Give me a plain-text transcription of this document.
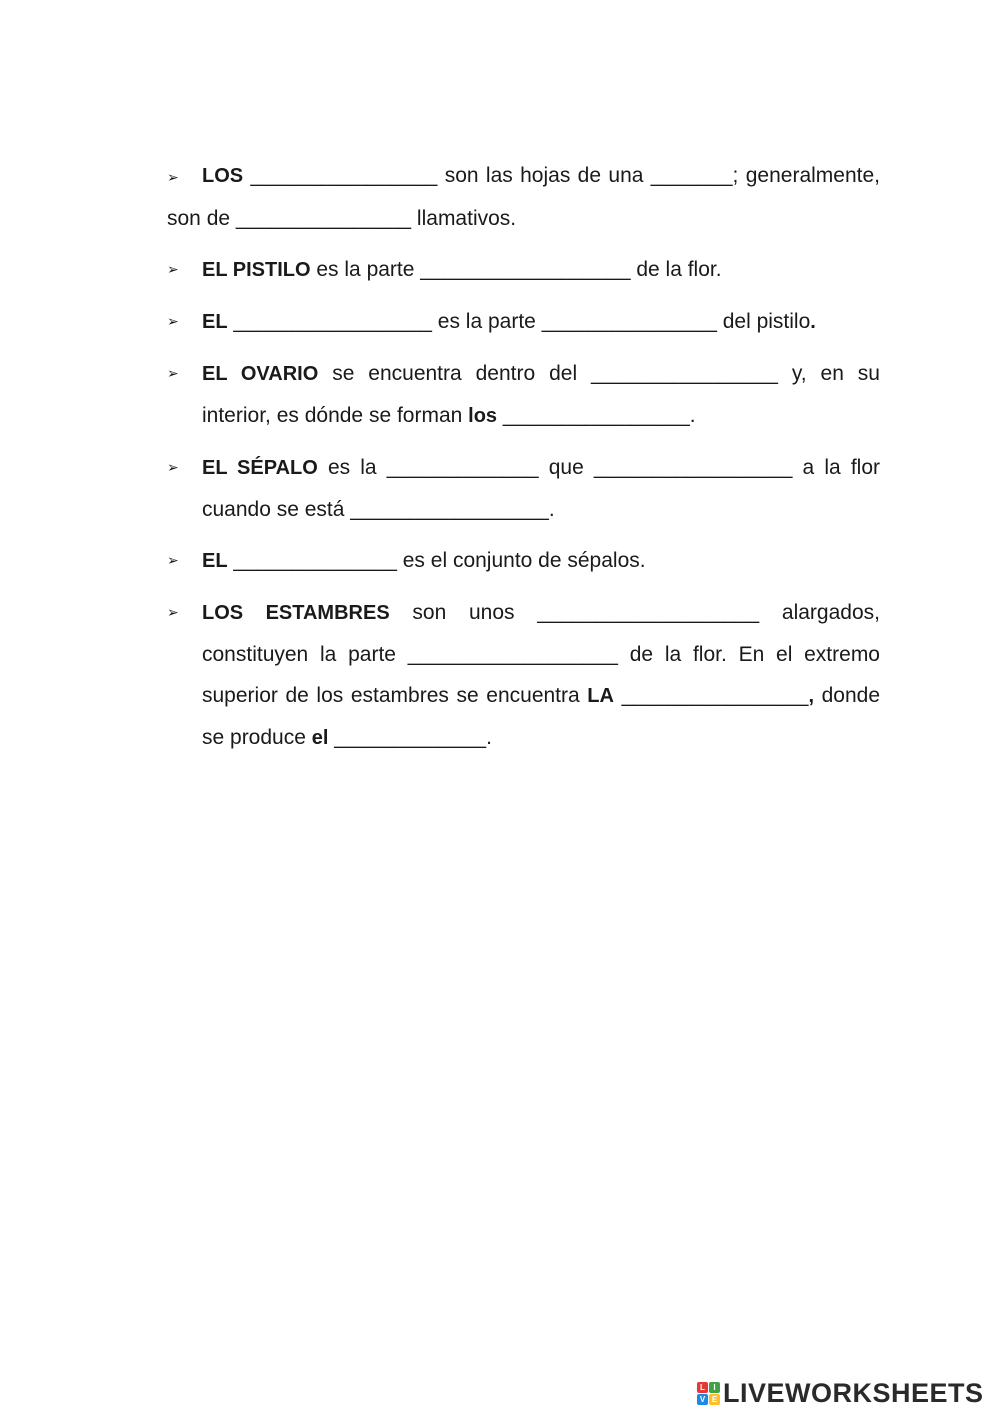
➢ LOS ________________ son las hojas de una _______; generalmente, son de _______________ llamativos.
➢ EL PISTILO es la parte __________________ de la flor.
➢ EL _________________ es la parte _______________ del pistilo.
➢ EL OVARIO se encuentra dentro del ________________ y, en su interior, es dónde se forman los ________________.
➢ EL SÉPALO es la _____________ que _________________ a la flor cuando se está _________________.
➢ EL ______________ es el conjunto de sépalos.
➢ LOS ESTAMBRES son unos ___________________ alargados, constituyen la parte __________________ de la flor. En el extremo superior de los estambres se encuentra LA ________________, donde se produce el _____________.
L	I
V E LIVEWORKSHEETS
